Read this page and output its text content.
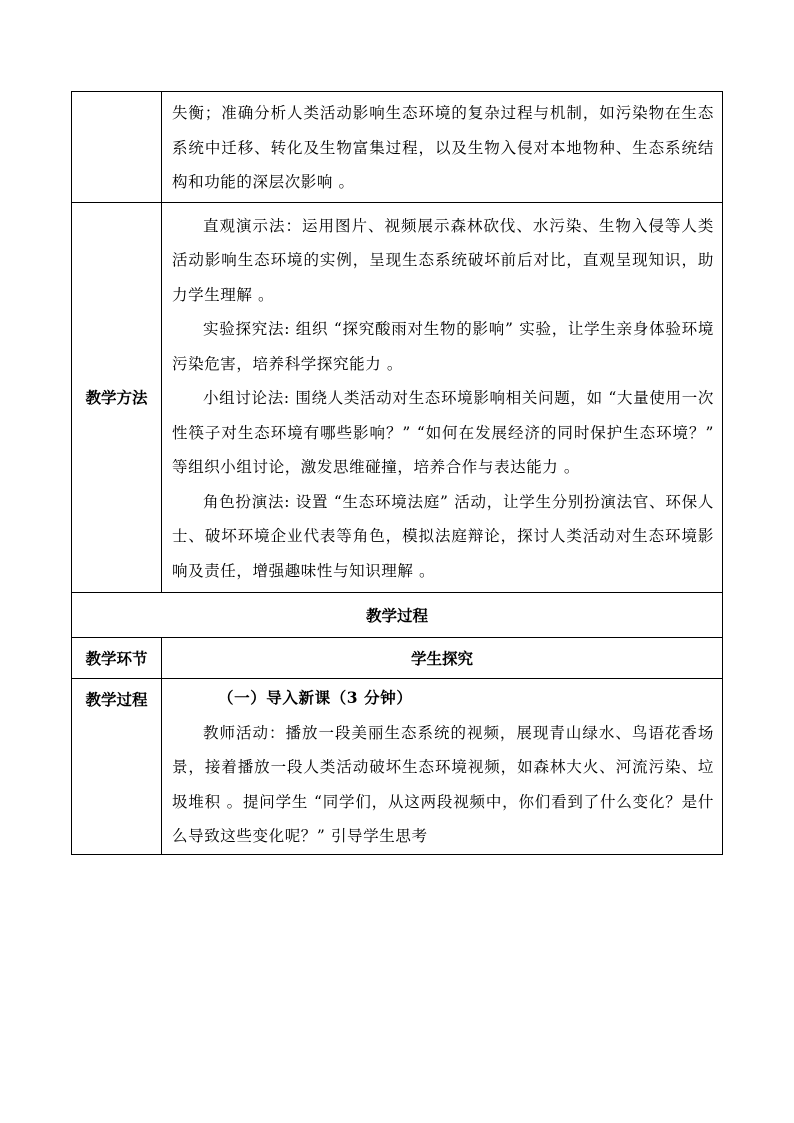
	失衡；准确分析人类活动影响生态环境的复杂过程与机制，如污染物在生态系统中迁移、转化及生物富集过程，以及生物入侵对本地物种、生态系统结构和功能的深层次影响 。

教学方法	直观演示法：运用图片、视频展示森林砍伐、水污染、生物入侵等人类活动影响生态环境的实例，呈现生态系统破坏前后对比，直观呈现知识，助力学生理解 。

实验探究法: 组织 “探究酸雨对生物的影响” 实验，让学生亲身体验环境污染危害，培养科学探究能力 。

小组讨论法: 围绕人类活动对生态环境影响相关问题，如 “大量使用一次性筷子对生态环境有哪些影响？” “如何在发展经济的同时保护生态环境？” 等组织小组讨论，激发思维碰撞，培养合作与表达能力 。

角色扮演法: 设置 “生态环境法庭” 活动，让学生分别扮演法官、环保人士、破坏环境企业代表等角色，模拟法庭辩论，探讨人类活动对生态环境影响及责任，增强趣味性与知识理解 。

教学过程	
教学环节	学生探究
教学过程	（一）导入新课（3 分钟）

教师活动：播放一段美丽生态系统的视频，展现青山绿水、鸟语花香场景，接着播放一段人类活动破坏生态环境视频，如森林大火、河流污染、垃圾堆积 。提问学生 “同学们，从这两段视频中，你们看到了什么变化？是什么导致这些变化呢？” 引导学生思考
